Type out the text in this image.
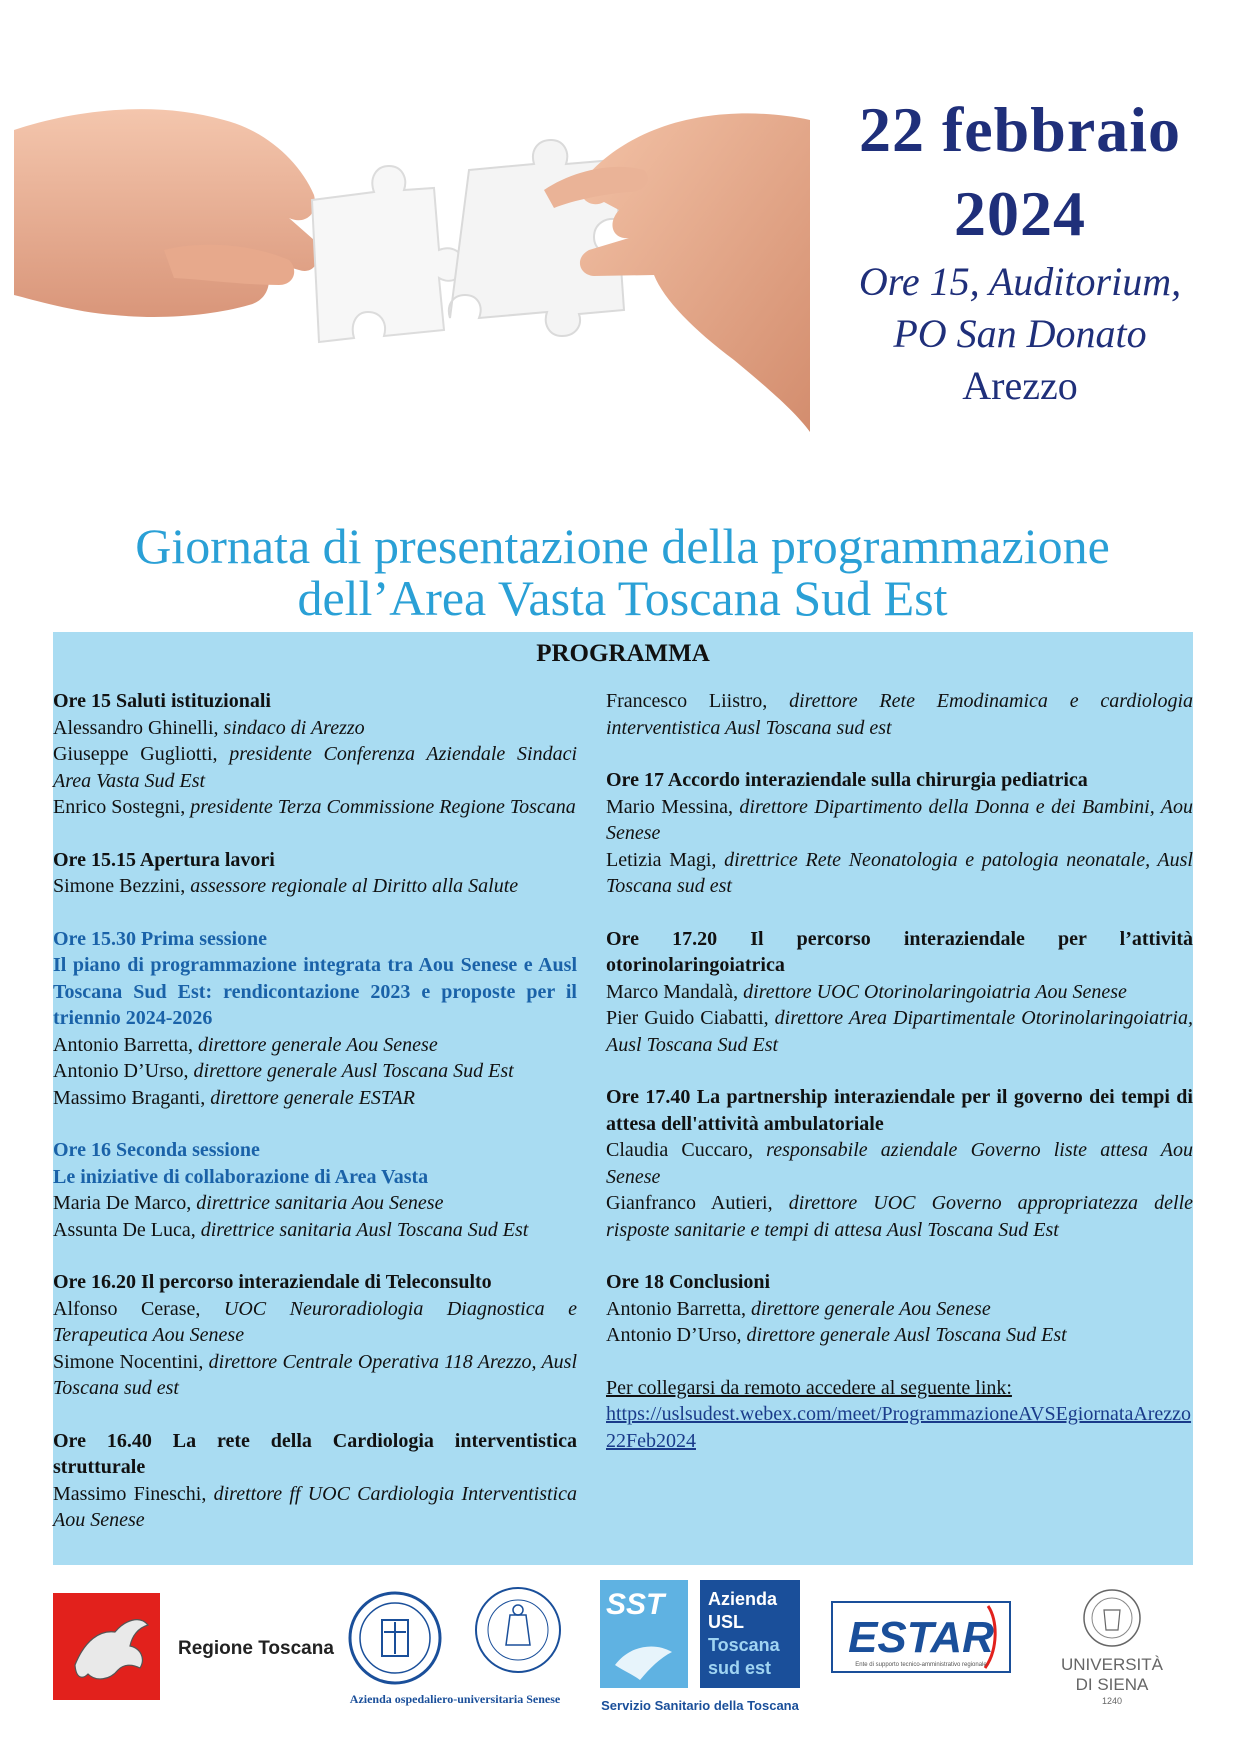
22 febbraio
2024
Ore 15, Auditorium,
PO San Donato
Arezzo
Giornata di presentazione della programmazione
dell’Area Vasta Toscana Sud Est
PROGRAMMA
Ore 15 Saluti istituzionali
Alessandro Ghinelli, sindaco di Arezzo
Giuseppe Gugliotti, presidente Conferenza Aziendale Sindaci Area Vasta Sud Est
Enrico Sostegni, presidente Terza Commissione Regione Toscana
Ore 15.15 Apertura lavori
Simone Bezzini, assessore regionale al Diritto alla Salute
Ore 15.30 Prima sessione
Il piano di programmazione integrata tra Aou Senese e Ausl Toscana Sud Est: rendicontazione 2023 e proposte per il triennio 2024-2026
Antonio Barretta, direttore generale Aou Senese
Antonio D’Urso, direttore generale Ausl Toscana Sud Est
Massimo Braganti, direttore generale ESTAR
Ore 16 Seconda sessione
Le iniziative di collaborazione di Area Vasta
Maria De Marco, direttrice sanitaria Aou Senese
Assunta De Luca, direttrice sanitaria Ausl Toscana Sud Est
Ore 16.20 Il percorso interaziendale di Teleconsulto
Alfonso Cerase, UOC Neuroradiologia Diagnostica e Terapeutica Aou Senese
Simone Nocentini, direttore Centrale Operativa 118 Arezzo, Ausl Toscana sud est
Ore 16.40 La rete della Cardiologia interventistica strutturale
Massimo Fineschi, direttore ff UOC Cardiologia Interventistica Aou Senese
Francesco Liistro, direttore Rete Emodinamica e cardiologia interventistica Ausl Toscana sud est
Ore 17 Accordo interaziendale sulla chirurgia pediatrica
Mario Messina, direttore Dipartimento della Donna e dei Bambini, Aou Senese
Letizia Magi, direttrice Rete Neonatologia e patologia neonatale, Ausl Toscana sud est
Ore 17.20 Il percorso interaziendale per l’attività otorinolaringoiatrica
Marco Mandalà, direttore UOC Otorinolaringoiatria Aou Senese
Pier Guido Ciabatti, direttore Area Dipartimentale Otorinolaringoiatria, Ausl Toscana Sud Est
Ore 17.40 La partnership interaziendale per il governo dei tempi di attesa dell'attività ambulatoriale
Claudia Cuccaro, responsabile aziendale Governo liste attesa Aou Senese
Gianfranco Autieri, direttore UOC Governo appropriatezza delle risposte sanitarie e tempi di attesa Ausl Toscana Sud Est
Ore 18 Conclusioni
Antonio Barretta, direttore generale Aou Senese
Antonio D’Urso, direttore generale Ausl Toscana Sud Est
Per collegarsi da remoto accedere al seguente link:
https://uslsudest.webex.com/meet/ProgrammazioneAVSEgiornataArezzo22Feb2024
Regione Toscana
Azienda ospedaliero-universitaria Senese
SST Azienda
USL
Toscana
sud est
Servizio Sanitario della Toscana
ESTAR
Ente di supporto tecnico-amministrativo regionale	UNIVERSITÀ
DI SIENA
1240
